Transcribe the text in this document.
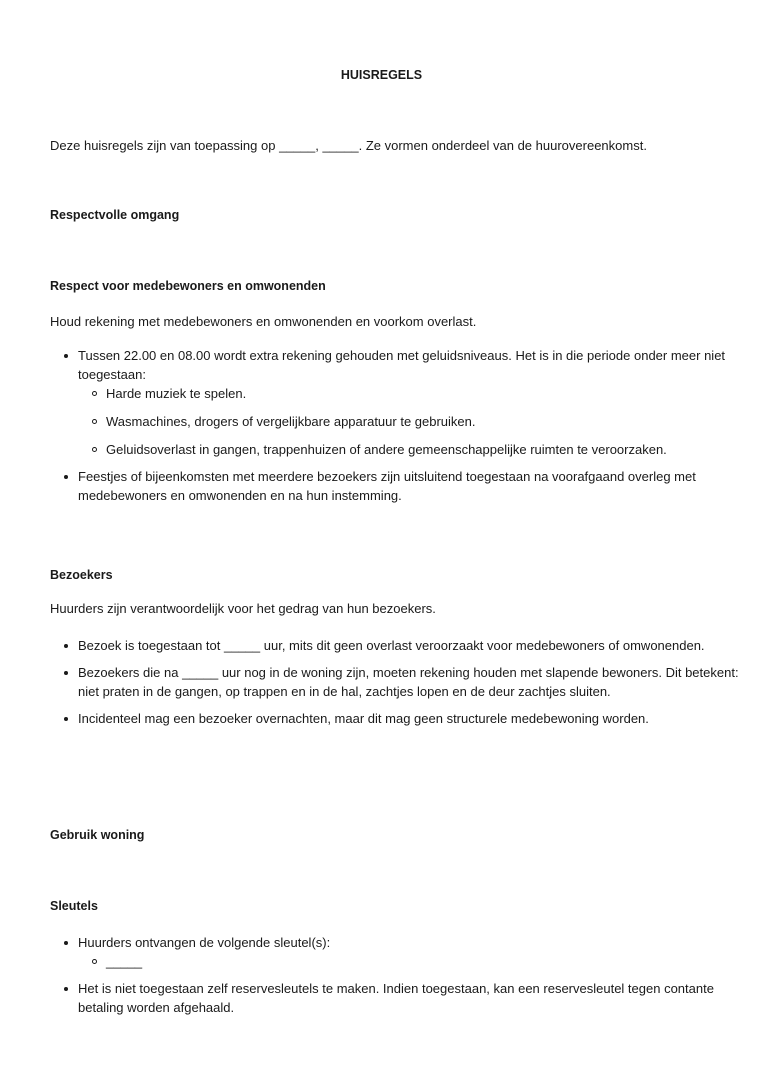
HUISREGELS

Deze huisregels zijn van toepassing op _____, _____. Ze vormen onderdeel van de huurovereenkomst.

Respectvolle omgang

Respect voor medebewoners en omwonenden

Houd rekening met medebewoners en omwonenden en voorkom overlast.

Tussen 22.00 en 08.00 wordt extra rekening gehouden met geluidsniveaus. Het is in die periode onder meer niet toegestaan:
Harde muziek te spelen.
Wasmachines, drogers of vergelijkbare apparatuur te gebruiken.
Geluidsoverlast in gangen, trappenhuizen of andere gemeenschappelijke ruimten te veroorzaken.
Feestjes of bijeenkomsten met meerdere bezoekers zijn uitsluitend toegestaan na voorafgaand overleg met medebewoners en omwonenden en na hun instemming.

Bezoekers

Huurders zijn verantwoordelijk voor het gedrag van hun bezoekers.

Bezoek is toegestaan tot _____ uur, mits dit geen overlast veroorzaakt voor medebewoners of omwonenden.
Bezoekers die na _____ uur nog in de woning zijn, moeten rekening houden met slapende bewoners. Dit betekent: niet praten in de gangen, op trappen en in de hal, zachtjes lopen en de deur zachtjes sluiten.
Incidenteel mag een bezoeker overnachten, maar dit mag geen structurele medebewoning worden.

Gebruik woning

Sleutels

Huurders ontvangen de volgende sleutel(s):
_____
Het is niet toegestaan zelf reservesleutels te maken. Indien toegestaan, kan een reservesleutel tegen contante betaling worden afgehaald.
